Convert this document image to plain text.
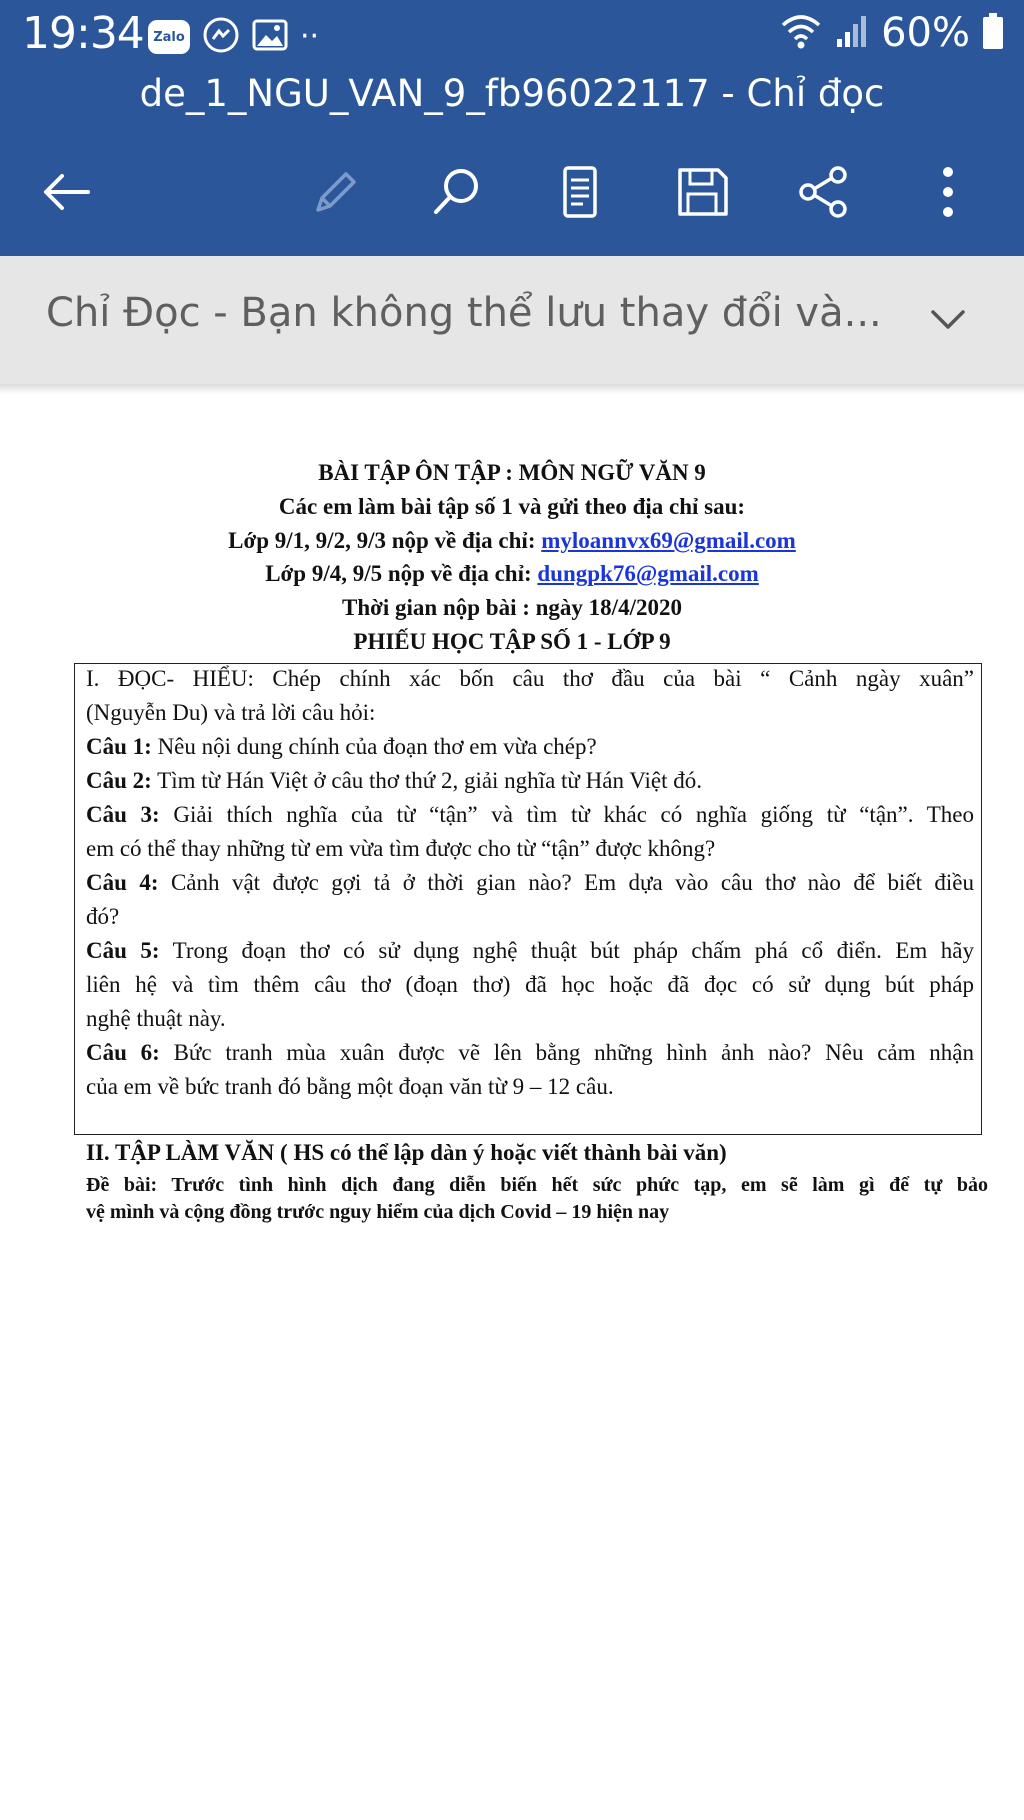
19:34 Zalo	··	60%
de_1_NGU_VAN_9_fb96022117 - Chỉ đọc
Chỉ Đọc - Bạn không thể lưu thay đổi và...
BÀI TẬP ÔN TẬP : MÔN NGỮ VĂN 9
Các em làm bài tập số 1 và gửi theo địa chỉ sau:
Lớp 9/1, 9/2, 9/3 nộp về địa chỉ: myloannvx69@gmail.com
Lớp 9/4, 9/5 nộp về địa chỉ: dungpk76@gmail.com
Thời gian nộp bài : ngày 18/4/2020
PHIẾU HỌC TẬP SỐ 1 - LỚP 9
I. ĐỌC- HIỂU: Chép chính xác bốn câu thơ đầu của bài “ Cảnh ngày xuân”
(Nguyễn Du) và trả lời câu hỏi:
Câu 1: Nêu nội dung chính của đoạn thơ em vừa chép?
Câu 2: Tìm từ Hán Việt ở câu thơ thứ 2, giải nghĩa từ Hán Việt đó.
Câu 3: Giải thích nghĩa của từ “tận” và tìm từ khác có nghĩa giống từ “tận”. Theo
em có thể thay những từ em vừa tìm được cho từ “tận” được không?
Câu 4: Cảnh vật được gợi tả ở thời gian nào? Em dựa vào câu thơ nào để biết điều
đó?
Câu 5: Trong đoạn thơ có sử dụng nghệ thuật bút pháp chấm phá cổ điển. Em hãy
liên hệ và tìm thêm câu thơ (đoạn thơ) đã học hoặc đã đọc có sử dụng bút pháp
nghệ thuật này.
Câu 6: Bức tranh mùa xuân được vẽ lên bằng những hình ảnh nào? Nêu cảm nhận
của em về bức tranh đó bằng một đoạn văn từ 9 – 12 câu.
II. TẬP LÀM VĂN ( HS có thể lập dàn ý hoặc viết thành bài văn)
Đề bài: Trước tình hình dịch đang diễn biến hết sức phức tạp, em sẽ làm gì để tự bảo
vệ mình và cộng đồng trước nguy hiểm của dịch Covid – 19 hiện nay
